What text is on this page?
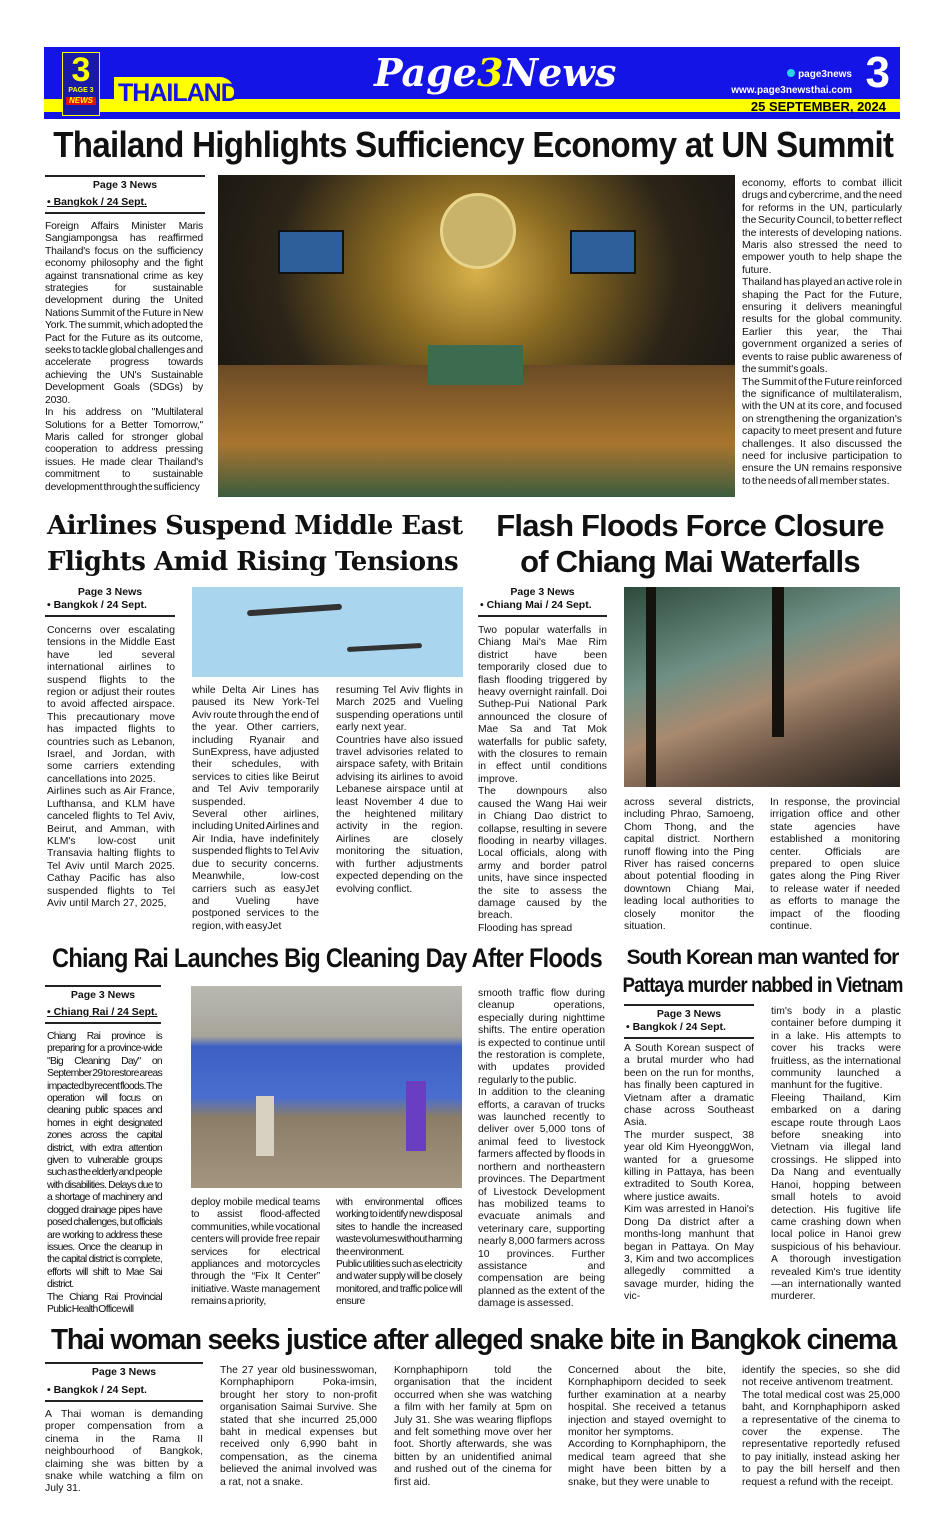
3
PAGE 3
NEWS THAILAND	Page3News	page3news
www.page3newsthai.com 3
25 SEPTEMBER, 2024
Thailand Highlights Sufficiency Economy at UN Summit
Page 3 News
• Bangkok / 24 Sept.

Foreign Affairs Minister Maris Sangiampongsa has reaffirmed Thailand's focus on the sufficiency economy philosophy and the fight against transnational crime as key strategies for sustainable development during the United Nations Summit of the Future in New York. The summit, which adopted the Pact for the Future as its outcome, seeks to tackle global challenges and accelerate progress towards achieving the UN's Sustainable Development Goals (SDGs) by 2030.

In his address on "Multilateral Solutions for a Better Tomorrow," Maris called for stronger global cooperation to address pressing issues. He made clear Thailand's commitment to sustainable development through the sufficiency

economy, efforts to combat illicit drugs and cybercrime, and the need for reforms in the UN, particularly the Security Council, to better reflect the interests of developing nations. Maris also stressed the need to empower youth to help shape the future.

Thailand has played an active role in shaping the Pact for the Future, ensuring it delivers meaningful results for the global community. Earlier this year, the Thai government organized a series of events to raise public awareness of the summit's goals.

The Summit of the Future reinforced the significance of multilateralism, with the UN at its core, and focused on strengthening the organization's capacity to meet present and future challenges. It also discussed the need for inclusive participation to ensure the UN remains responsive to the needs of all member states.

Airlines Suspend Middle East
Flights Amid Rising Tensions
Page 3 News
• Bangkok / 24 Sept.

Concerns over escalating tensions in the Middle East have led several international airlines to suspend flights to the region or adjust their routes to avoid affected airspace. This precautionary move has impacted flights to countries such as Lebanon, Israel, and Jordan, with some carriers extending cancellations into 2025.

Airlines such as Air France, Lufthansa, and KLM have canceled flights to Tel Aviv, Beirut, and Amman, with KLM's low-cost unit Transavia halting flights to Tel Aviv until March 2025. Cathay Pacific has also suspended flights to Tel Aviv until March 27, 2025,

while Delta Air Lines has paused its New York-Tel Aviv route through the end of the year. Other carriers, including Ryanair and SunExpress, have adjusted their schedules, with services to cities like Beirut and Tel Aviv temporarily suspended.

Several other airlines, including United Airlines and Air India, have indefinitely suspended flights to Tel Aviv due to security concerns. Meanwhile, low-cost carriers such as easyJet and Vueling have postponed services to the region, with easyJet

resuming Tel Aviv flights in March 2025 and Vueling suspending operations until early next year.

Countries have also issued travel advisories related to airspace safety, with Britain advising its airlines to avoid Lebanese airspace until at least November 4 due to the heightened military activity in the region. Airlines are closely monitoring the situation, with further adjustments expected depending on the evolving conflict.

Flash Floods Force Closure
of Chiang Mai Waterfalls
Page 3 News
• Chiang Mai / 24 Sept.

Two popular waterfalls in Chiang Mai's Mae Rim district have been temporarily closed due to flash flooding triggered by heavy overnight rainfall. Doi Suthep-Pui National Park announced the closure of Mae Sa and Tat Mok waterfalls for public safety, with the closures to remain in effect until conditions improve.

The downpours also caused the Wang Hai weir in Chiang Dao district to collapse, resulting in severe flooding in nearby villages. Local officials, along with army and border patrol units, have since inspected the site to assess the damage caused by the breach.

Flooding has spread

across several districts, including Phrao, Samoeng, Chom Thong, and the capital district. Northern runoff flowing into the Ping River has raised concerns about potential flooding in downtown Chiang Mai, leading local authorities to closely monitor the situation.

In response, the provincial irrigation office and other state agencies have established a monitoring center. Officials are prepared to open sluice gates along the Ping River to release water if needed as efforts to manage the impact of the flooding continue.

Chiang Rai Launches Big Cleaning Day After Floods
Page 3 News
• Chiang Rai / 24 Sept.

Chiang Rai province is preparing for a province-wide "Big Cleaning Day" on September 29 to restore areas impacted by recent floods. The operation will focus on cleaning public spaces and homes in eight designated zones across the capital district, with extra attention given to vulnerable groups such as the elderly and people with disabilities. Delays due to a shortage of machinery and clogged drainage pipes have posed challenges, but officials are working to address these issues. Once the cleanup in the capital district is complete, efforts will shift to Mae Sai district.

The Chiang Rai Provincial Public Health Office will

deploy mobile medical teams to assist flood-affected communities, while vocational centers will provide free repair services for electrical appliances and motorcycles through the “Fix It Center” initiative. Waste management remains a priority,

with environmental offices working to identify new disposal sites to handle the increased waste volumes without harming the environment.

Public utilities such as electricity and water supply will be closely monitored, and traffic police will ensure

smooth traffic flow during cleanup operations, especially during nighttime shifts. The entire operation is expected to continue until the restoration is complete, with updates provided regularly to the public.

In addition to the cleaning efforts, a caravan of trucks was launched recently to deliver over 5,000 tons of animal feed to livestock farmers affected by floods in northern and northeastern provinces. The Department of Livestock Development has mobilized teams to evacuate animals and veterinary care, supporting nearly 8,000 farmers across 10 provinces. Further assistance and compensation are being planned as the extent of the damage is assessed.

South Korean man wanted for
Pattaya murder nabbed in Vietnam
Page 3 News
• Bangkok / 24 Sept.

A South Korean suspect of a brutal murder who had been on the run for months, has finally been captured in Vietnam after a dramatic chase across Southeast Asia.

The murder suspect, 38 year old Kim HyeonggWon, wanted for a gruesome killing in Pattaya, has been extradited to South Korea, where justice awaits.

Kim was arrested in Hanoi's Dong Da district after a months-long manhunt that began in Pattaya. On May 3, Kim and two accomplices allegedly committed a savage murder, hiding the vic-

tim's body in a plastic container before dumping it in a lake. His attempts to cover his tracks were fruitless, as the international community launched a manhunt for the fugitive.

Fleeing Thailand, Kim embarked on a daring escape route through Laos before sneaking into Vietnam via illegal land crossings. He slipped into Da Nang and eventually Hanoi, hopping between small hotels to avoid detection. His fugitive life came crashing down when local police in Hanoi grew suspicious of his behaviour. A thorough investigation revealed Kim's true identity—an internationally wanted murderer.

Thai woman seeks justice after alleged snake bite in Bangkok cinema
Page 3 News
• Bangkok / 24 Sept.

A Thai woman is demanding proper compensation from a cinema in the Rama II neighbourhood of Bangkok, claiming she was bitten by a snake while watching a film on July 31.

The 27 year old businesswoman, Kornphaphiporn Poka-imsin, brought her story to non-profit organisation Saimai Survive. She stated that she incurred 25,000 baht in medical expenses but received only 6,990 baht in compensation, as the cinema believed the animal involved was a rat, not a snake.

Kornphaphiporn told the organisation that the incident occurred when she was watching a film with her family at 5pm on July 31. She was wearing flipflops and felt something move over her foot. Shortly afterwards, she was bitten by an unidentified animal and rushed out of the cinema for first aid.

Concerned about the bite, Kornphaphiporn decided to seek further examination at a nearby hospital. She received a tetanus injection and stayed overnight to monitor her symptoms.

According to Kornphaphiporn, the medical team agreed that she might have been bitten by a snake, but they were unable to

identify the species, so she did not receive antivenom treatment.

The total medical cost was 25,000 baht, and Kornphaphiporn asked a representative of the cinema to cover the expense. The representative reportedly refused to pay initially, instead asking her to pay the bill herself and then request a refund with the receipt.
